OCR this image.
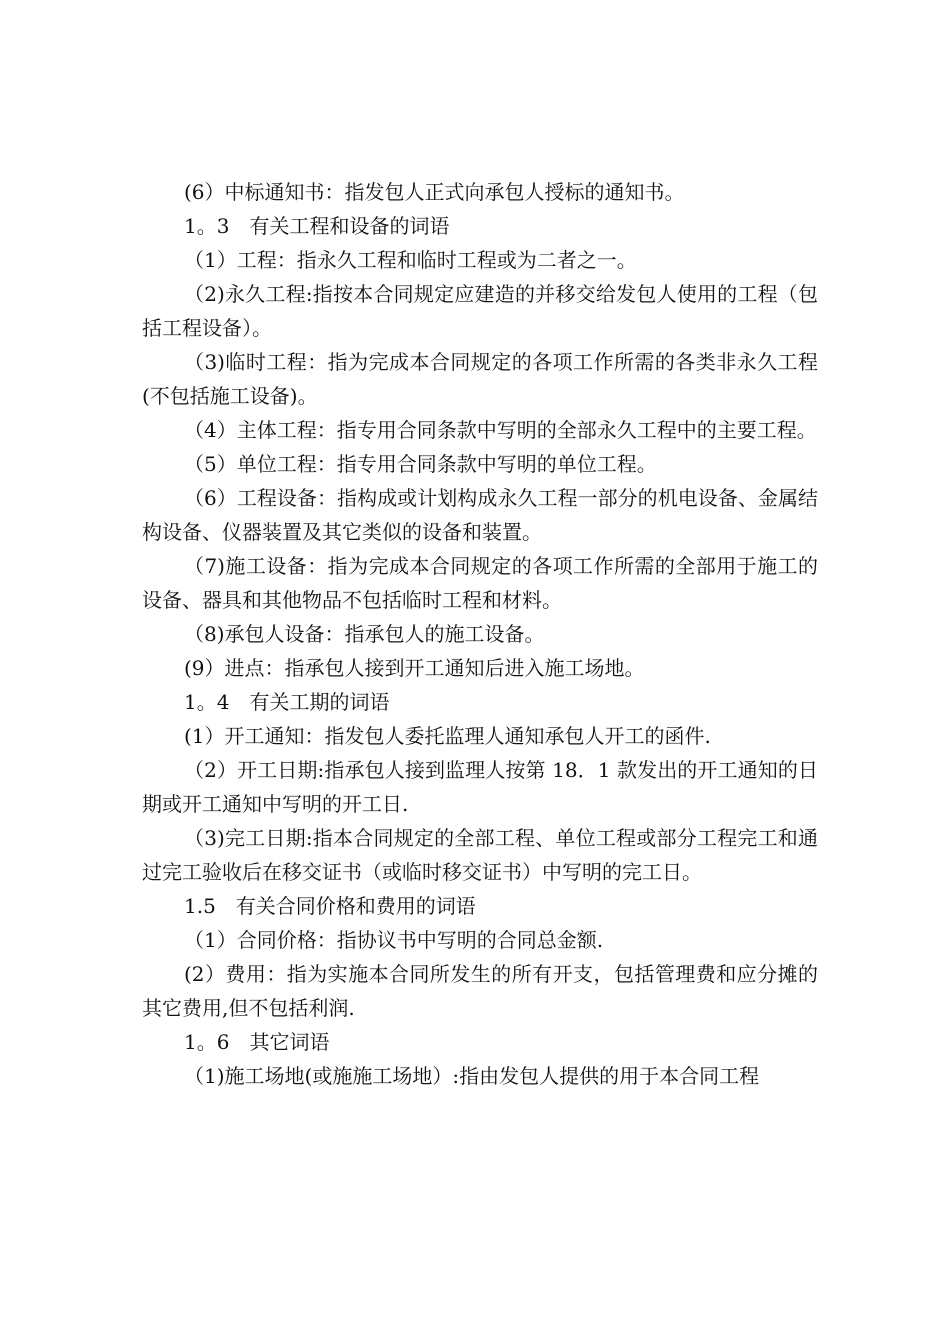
(6）中标通知书：指发包人正式向承包人授标的通知书。

1。3　有关工程和设备的词语

（1）工程：指永久工程和临时工程或为二者之一。

（2)永久工程:指按本合同规定应建造的并移交给发包人使用的工程（包括工程设备）。

（3)临时工程：指为完成本合同规定的各项工作所需的各类非永久工程(不包括施工设备)。

（4）主体工程：指专用合同条款中写明的全部永久工程中的主要工程。

（5）单位工程：指专用合同条款中写明的单位工程。

（6）工程设备：指构成或计划构成永久工程一部分的机电设备、金属结构设备、仪器装置及其它类似的设备和装置。

（7)施工设备：指为完成本合同规定的各项工作所需的全部用于施工的设备、器具和其他物品不包括临时工程和材料。

（8)承包人设备：指承包人的施工设备。

(9）进点：指承包人接到开工通知后进入施工场地。

1。4　有关工期的词语

(1）开工通知：指发包人委托监理人通知承包人开工的函件.

（2）开工日期:指承包人接到监理人按第 18．1 款发出的开工通知的日期或开工通知中写明的开工日.

（3)完工日期:指本合同规定的全部工程、单位工程或部分工程完工和通过完工验收后在移交证书（或临时移交证书）中写明的完工日。

1.5　有关合同价格和费用的词语

（1）合同价格：指协议书中写明的合同总金额.

(2）费用：指为实施本合同所发生的所有开支，包括管理费和应分摊的其它费用,但不包括利润.

1。6　其它词语

（1)施工场地(或施施工场地）:指由发包人提供的用于本合同工程
